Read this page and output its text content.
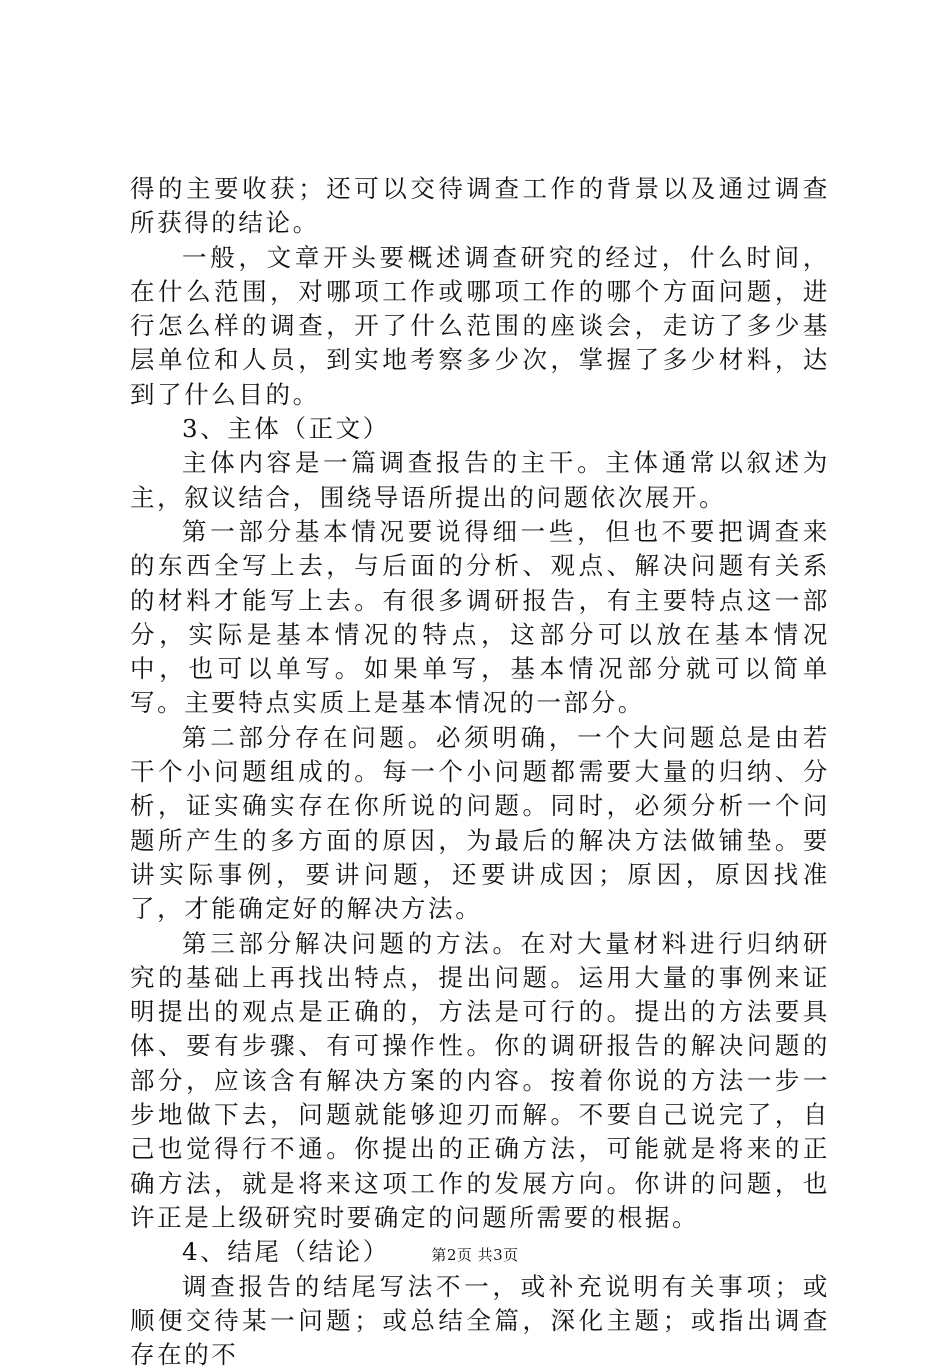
得的主要收获；还可以交待调查工作的背景以及通过调查所获得的结论。

一般，文章开头要概述调查研究的经过，什么时间，在什么范围，对哪项工作或哪项工作的哪个方面问题，进行怎么样的调查，开了什么范围的座谈会，走访了多少基层单位和人员，到实地考察多少次，掌握了多少材料，达到了什么目的。

3、主体（正文）

主体内容是一篇调查报告的主干。主体通常以叙述为主，叙议结合，围绕导语所提出的问题依次展开。

第一部分基本情况要说得细一些，但也不要把调查来的东西全写上去，与后面的分析、观点、解决问题有关系的材料才能写上去。有很多调研报告，有主要特点这一部分，实际是基本情况的特点，这部分可以放在基本情况中，也可以单写。如果单写，基本情况部分就可以简单写。主要特点实质上是基本情况的一部分。

第二部分存在问题。必须明确，一个大问题总是由若干个小问题组成的。每一个小问题都需要大量的归纳、分析，证实确实存在你所说的问题。同时，必须分析一个问题所产生的多方面的原因，为最后的解决方法做铺垫。要讲实际事例，要讲问题，还要讲成因；原因，原因找准了，才能确定好的解决方法。

第三部分解决问题的方法。在对大量材料进行归纳研究的基础上再找出特点，提出问题。运用大量的事例来证明提出的观点是正确的，方法是可行的。提出的方法要具体、要有步骤、有可操作性。你的调研报告的解决问题的部分，应该含有解决方案的内容。按着你说的方法一步一步地做下去，问题就能够迎刃而解。不要自己说完了，自己也觉得行不通。你提出的正确方法，可能就是将来的正确方法，就是将来这项工作的发展方向。你讲的问题，也许正是上级研究时要确定的问题所需要的根据。

4、结尾（结论）

调查报告的结尾写法不一，或补充说明有关事项；或顺便交待某一问题；或总结全篇，深化主题；或指出调查存在的不

第2页 共3页
